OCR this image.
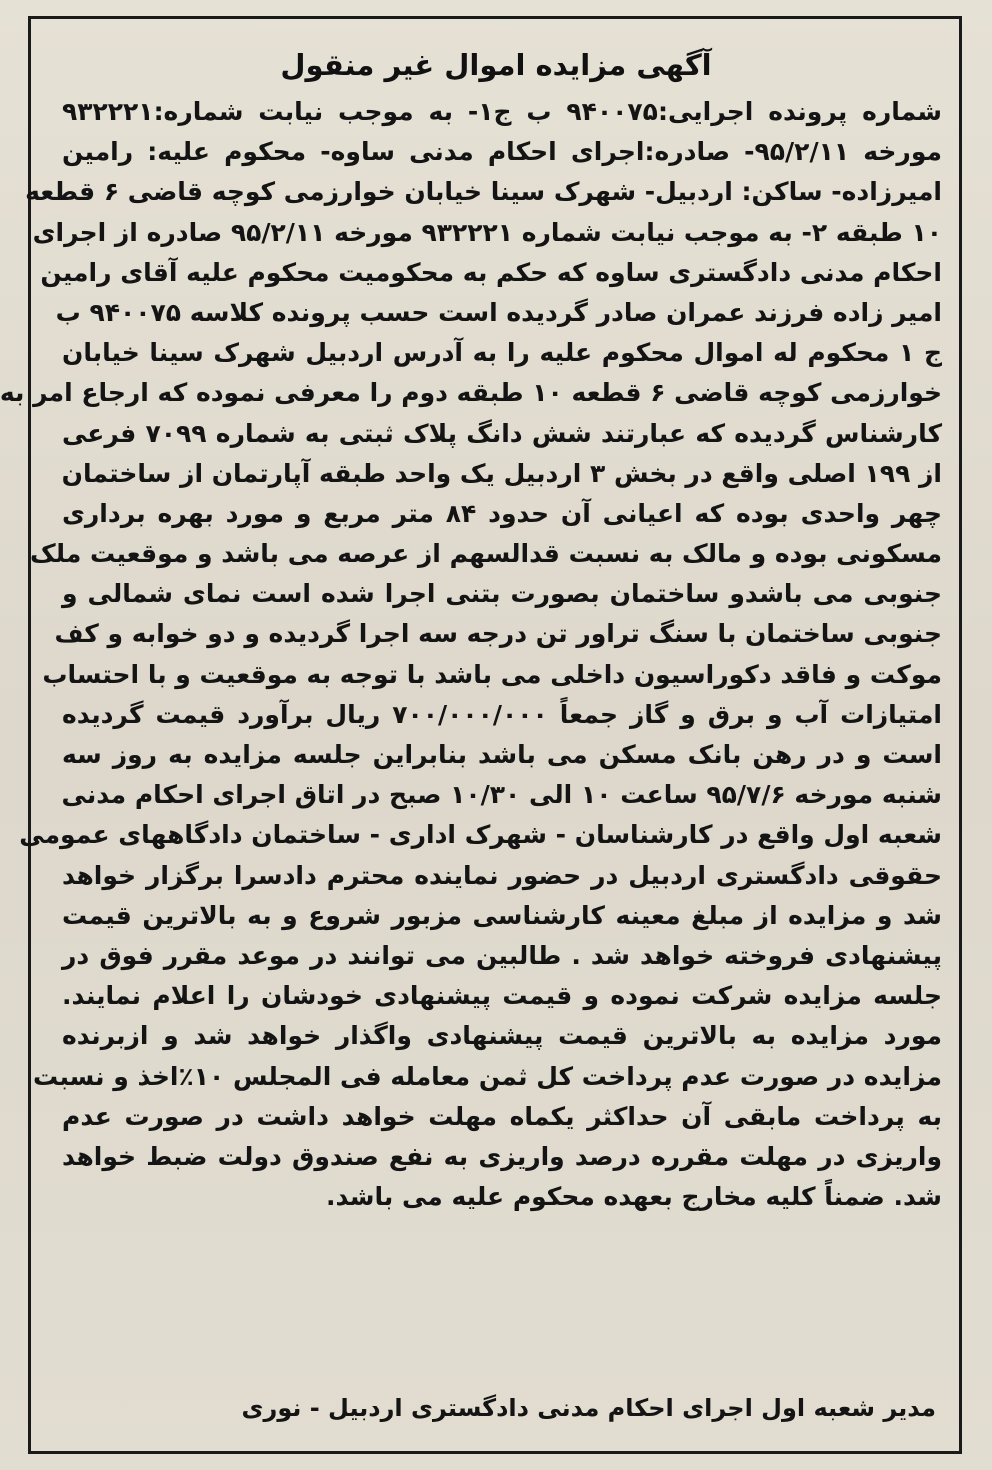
آگهی مزایده اموال غیر منقول
شماره پرونده اجرایی:۹۴۰۰۷۵ ب ج۱- به موجب نیابت شماره:۹۳۲۲۲۱
مورخه ۹۵/۲/۱۱- صادره:اجرای احکام مدنی ساوه- محکوم علیه: رامین
امیرزاده- ساکن: اردبیل- شهرک سینا خیابان خوارزمی کوچه قاضی ۶ قطعه
۱۰ طبقه ۲- به موجب نیابت شماره ۹۳۲۲۲۱ مورخه ۹۵/۲/۱۱ صادره از اجرای
احکام مدنی دادگستری ساوه که حکم به محکومیت محکوم علیه آقای رامین
امیر زاده فرزند عمران صادر گردیده است حسب پرونده کلاسه ۹۴۰۰۷۵ ب
ج ۱ محکوم له اموال محکوم علیه را به آدرس اردبیل شهرک سینا خیابان
خوارزمی کوچه قاضی ۶ قطعه ۱۰ طبقه دوم را معرفی نموده که ارجاع امر به
کارشناس گردیده که عبارتند شش دانگ پلاک ثبتی به شماره ۷۰۹۹ فرعی
از ۱۹۹ اصلی واقع در بخش ۳ اردبیل یک واحد طبقه آپارتمان از ساختمان
چهر واحدی بوده که اعیانی آن حدود ۸۴ متر مربع و مورد بهره برداری
مسکونی بوده و مالک به نسبت قدالسهم از عرصه می باشد و موقعیت ملک
جنوبی می باشدو ساختمان بصورت بتنی اجرا شده است نمای شمالی و
جنوبی ساختمان با سنگ تراور تن درجه سه اجرا گردیده و دو خوابه و کف
موکت و فاقد دکوراسیون داخلی می باشد با توجه به موقعیت و با احتساب
امتیازات آب و برق و گاز جمعاً ۷۰۰/۰۰۰/۰۰۰ ریال برآورد قیمت گردیده
است و در رهن بانک مسکن می باشد بنابراین جلسه مزایده به روز سه
شنبه مورخه ۹۵/۷/۶ ساعت ۱۰ الی ۱۰/۳۰ صبح در اتاق اجرای احکام مدنی
شعبه اول واقع در کارشناسان - شهرک اداری - ساختمان دادگاههای عمومی
حقوقی دادگستری اردبیل در حضور نماینده محترم دادسرا برگزار خواهد
شد و مزایده از مبلغ معینه کارشناسی مزبور شروع و به بالاترین قیمت
پیشنهادی فروخته خواهد شد . طالبین می توانند در موعد مقرر فوق در
جلسه مزایده شرکت نموده و قیمت پیشنهادی خودشان را اعلام نمایند.
مورد مزایده به بالاترین قیمت پیشنهادی واگذار خواهد شد و ازبرنده
مزایده در صورت عدم پرداخت کل ثمن معامله فی المجلس ۱۰٪اخذ و نسبت
به پرداخت مابقی آن حداکثر یکماه مهلت خواهد داشت در صورت عدم
واریزی در مهلت مقرره درصد واریزی به نفع صندوق دولت ضبط خواهد
شد. ضمناً کلیه مخارج بعهده محکوم علیه می باشد.
مدیر شعبه اول اجرای احکام مدنی دادگستری اردبیل - نوری
